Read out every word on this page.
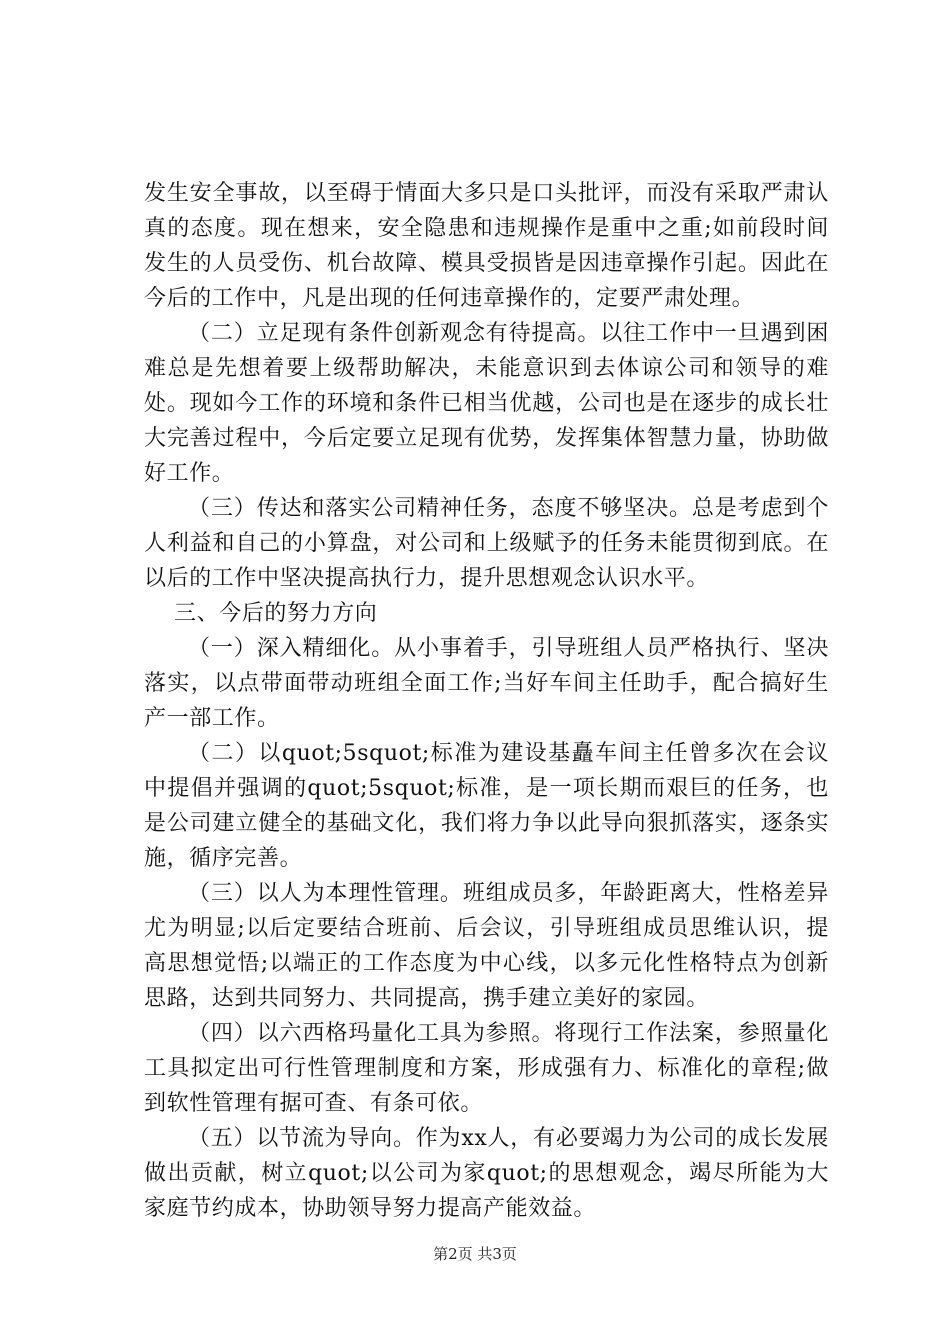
发生安全事故，以至碍于情面大多只是口头批评，而没有采取严肃认真的态度。现在想来，安全隐患和违规操作是重中之重;如前段时间发生的人员受伤、机台故障、模具受损皆是因违章操作引起。因此在今后的工作中，凡是出现的任何违章操作的，定要严肃处理。

（二）立足现有条件创新观念有待提高。以往工作中一旦遇到困难总是先想着要上级帮助解决，未能意识到去体谅公司和领导的难处。现如今工作的环境和条件已相当优越，公司也是在逐步的成长壮大完善过程中，今后定要立足现有优势，发挥集体智慧力量，协助做好工作。

（三）传达和落实公司精神任务，态度不够坚决。总是考虑到个人利益和自己的小算盘，对公司和上级赋予的任务未能贯彻到底。在以后的工作中坚决提高执行力，提升思想观念认识水平。

三、今后的努力方向

（一）深入精细化。从小事着手，引导班组人员严格执行、坚决落实，以点带面带动班组全面工作;当好车间主任助手，配合搞好生产一部工作。

（二）以quot;5squot;标准为建设基矗车间主任曾多次在会议中提倡并强调的quot;5squot;标准，是一项长期而艰巨的任务，也是公司建立健全的基础文化，我们将力争以此导向狠抓落实，逐条实施，循序完善。

（三）以人为本理性管理。班组成员多，年龄距离大，性格差异尤为明显;以后定要结合班前、后会议，引导班组成员思维认识，提高思想觉悟;以端正的工作态度为中心线，以多元化性格特点为创新思路，达到共同努力、共同提高，携手建立美好的家园。

（四）以六西格玛量化工具为参照。将现行工作法案，参照量化工具拟定出可行性管理制度和方案，形成强有力、标准化的章程;做到软性管理有据可查、有条可依。

（五）以节流为导向。作为xx人，有必要竭力为公司的成长发展做出贡献，树立quot;以公司为家quot;的思想观念，竭尽所能为大家庭节约成本，协助领导努力提高产能效益。

第2页 共3页
